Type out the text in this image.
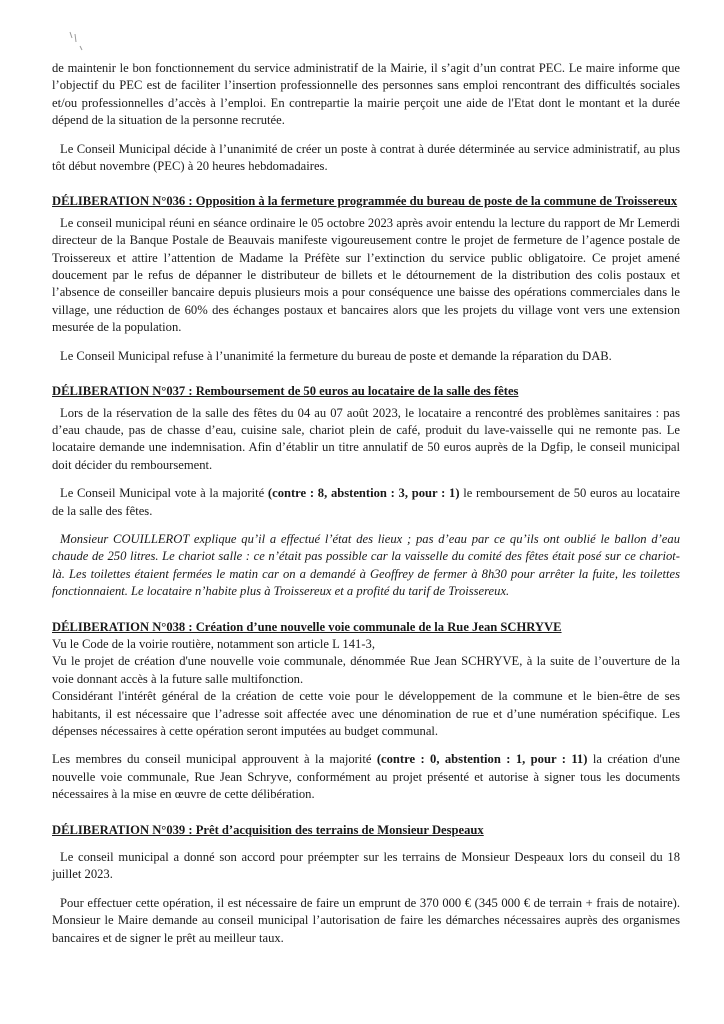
de maintenir le bon fonctionnement du service administratif de la Mairie, il s’agit d’un contrat PEC. Le maire informe que l’objectif du PEC est de faciliter l’insertion professionnelle des personnes sans emploi rencontrant des difficultés sociales et/ou professionnelles d’accès à l’emploi. En contrepartie la mairie perçoit une aide de l'Etat dont le montant et la durée dépend de la situation de la personne recrutée.

Le Conseil Municipal décide à l’unanimité de créer un poste à contrat à durée déterminée au service administratif, au plus tôt début novembre (PEC) à 20 heures hebdomadaires.

DÉLIBERATION N°036 : Opposition à la fermeture programmée du bureau de poste de la commune de Troissereux

Le conseil municipal réuni en séance ordinaire le 05 octobre 2023 après avoir entendu la lecture du rapport de Mr Lemerdi directeur de la Banque Postale de Beauvais manifeste vigoureusement contre le projet de fermeture de l’agence postale de Troissereux et attire l’attention de Madame la Préfète sur l’extinction du service public obligatoire. Ce projet amené doucement par le refus de dépanner le distributeur de billets et le détournement de la distribution des colis postaux et l’absence de conseiller bancaire depuis plusieurs mois a pour conséquence une baisse des opérations commerciales dans le village, une réduction de 60% des échanges postaux et bancaires alors que les projets du village vont vers une extension mesurée de la population.

Le Conseil Municipal refuse à l’unanimité la fermeture du bureau de poste et demande la réparation du DAB.

DÉLIBERATION N°037 : Remboursement de 50 euros au locataire de la salle des fêtes

Lors de la réservation de la salle des fêtes du 04 au 07 août 2023, le locataire a rencontré des problèmes sanitaires : pas d’eau chaude, pas de chasse d’eau, cuisine sale, chariot plein de café, produit du lave-vaisselle qui ne remonte pas. Le locataire demande une indemnisation. Afin d’établir un titre annulatif de 50 euros auprès de la Dgfip, le conseil municipal doit décider du remboursement.

Le Conseil Municipal vote à la majorité (contre : 8, abstention : 3, pour : 1) le remboursement de 50 euros au locataire de la salle des fêtes.

Monsieur COUILLEROT explique qu’il a effectué l’état des lieux ; pas d’eau par ce qu’ils ont oublié le ballon d’eau chaude de 250 litres. Le chariot salle : ce n’était pas possible car la vaisselle du comité des fêtes était posé sur ce chariot-là. Les toilettes étaient fermées le matin car on a demandé à Geoffrey de fermer à 8h30 pour arrêter la fuite, les toilettes fonctionnaient. Le locataire n’habite plus à Troissereux et a profité du tarif de Troissereux.

DÉLIBERATION N°038 : Création d’une nouvelle voie communale de la Rue Jean SCHRYVE

Vu le Code de la voirie routière, notamment son article L 141-3,

Vu le projet de création d'une nouvelle voie communale, dénommée Rue Jean SCHRYVE, à la suite de l’ouverture de la voie donnant accès à la future salle multifonction.

Considérant l'intérêt général de la création de cette voie pour le développement de la commune et le bien-être de ses habitants, il est nécessaire que l’adresse soit affectée avec une dénomination de rue et d’une numération spécifique. Les dépenses nécessaires à cette opération seront imputées au budget communal.

Les membres du conseil municipal approuvent à la majorité (contre : 0, abstention : 1, pour : 11) la création d'une nouvelle voie communale, Rue Jean Schryve, conformément au projet présenté et autorise à signer tous les documents nécessaires à la mise en œuvre de cette délibération.

DÉLIBERATION N°039 : Prêt d’acquisition des terrains de Monsieur Despeaux

Le conseil municipal a donné son accord pour préempter sur les terrains de Monsieur Despeaux lors du conseil du 18 juillet 2023.

Pour effectuer cette opération, il est nécessaire de faire un emprunt de 370 000 € (345 000 € de terrain + frais de notaire). Monsieur le Maire demande au conseil municipal l’autorisation de faire les démarches nécessaires auprès des organismes bancaires et de signer le prêt au meilleur taux.
